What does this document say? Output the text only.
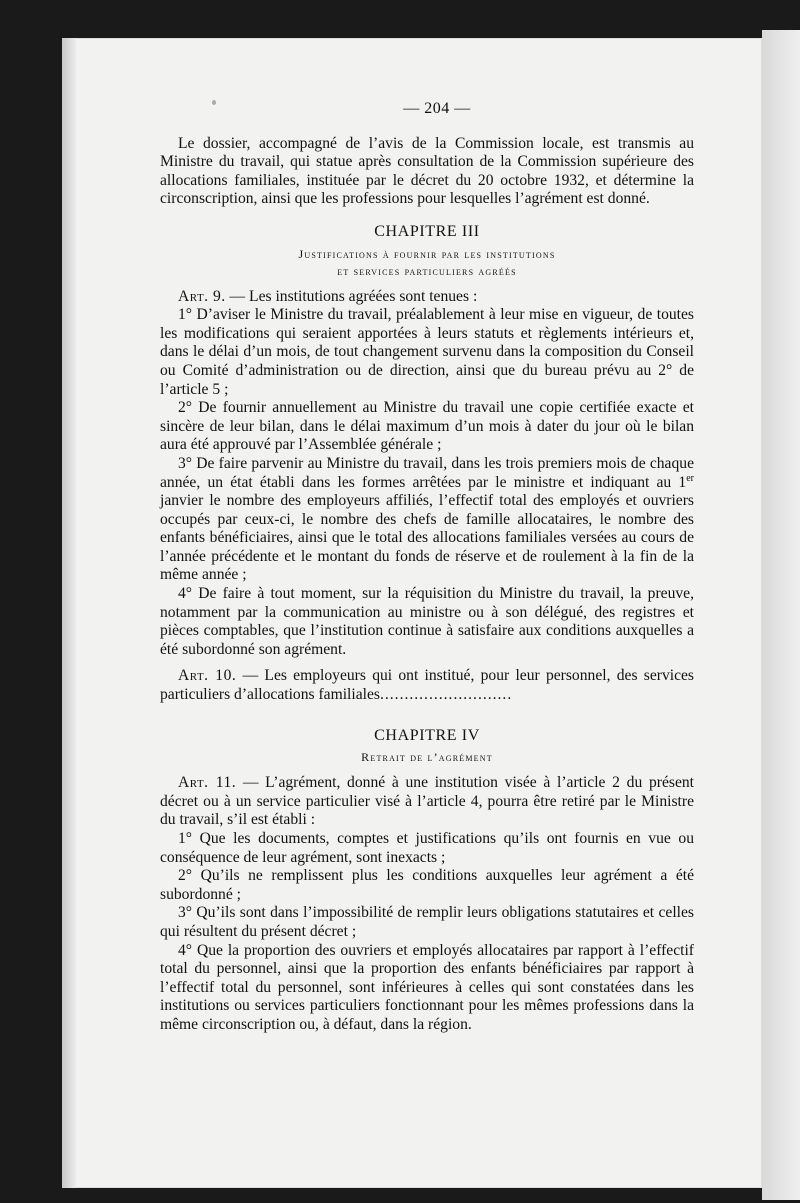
— 204 —

Le dossier, accompagné de l’avis de la Commission locale, est transmis au Ministre du travail, qui statue après consultation de la Commission supérieure des allocations familiales, instituée par le décret du 20 octobre 1932, et détermine la circonscription, ainsi que les professions pour lesquelles l’agrément est donné.

CHAPITRE III
Justifications à fournir par les institutions
et services particuliers agréés

Art. 9. — Les institutions agréées sont tenues :

1° D’aviser le Ministre du travail, préalablement à leur mise en vigueur, de toutes les modifications qui seraient apportées à leurs statuts et règlements intérieurs et, dans le délai d’un mois, de tout changement survenu dans la composition du Conseil ou Comité d’administration ou de direction, ainsi que du bureau prévu au 2° de l’article 5 ;

2° De fournir annuellement au Ministre du travail une copie certifiée exacte et sincère de leur bilan, dans le délai maximum d’un mois à dater du jour où le bilan aura été approuvé par l’Assemblée générale ;

3° De faire parvenir au Ministre du travail, dans les trois premiers mois de chaque année, un état établi dans les formes arrêtées par le ministre et indiquant au 1er janvier le nombre des employeurs affiliés, l’effectif total des employés et ouvriers occupés par ceux-ci, le nombre des chefs de famille allocataires, le nombre des enfants bénéficiaires, ainsi que le total des allocations familiales versées au cours de l’année précédente et le montant du fonds de réserve et de roulement à la fin de la même année ;

4° De faire à tout moment, sur la réquisition du Ministre du travail, la preuve, notamment par la communication au ministre ou à son délégué, des registres et pièces comptables, que l’institution continue à satisfaire aux conditions auxquelles a été subordonné son agrément.

Art. 10. — Les employeurs qui ont institué, pour leur personnel, des services particuliers d’allocations familiales...........................

CHAPITRE IV
Retrait de l’agrément

Art. 11. — L’agrément, donné à une institution visée à l’article 2 du présent décret ou à un service particulier visé à l’article 4, pourra être retiré par le Ministre du travail, s’il est établi :

1° Que les documents, comptes et justifications qu’ils ont fournis en vue ou conséquence de leur agrément, sont inexacts ;

2° Qu’ils ne remplissent plus les conditions auxquelles leur agrément a été subordonné ;

3° Qu’ils sont dans l’impossibilité de remplir leurs obligations statutaires et celles qui résultent du présent décret ;

4° Que la proportion des ouvriers et employés allocataires par rapport à l’effectif total du personnel, ainsi que la proportion des enfants bénéficiaires par rapport à l’effectif total du personnel, sont inférieures à celles qui sont constatées dans les institutions ou services particuliers fonctionnant pour les mêmes professions dans la même circonscription ou, à défaut, dans la région.
